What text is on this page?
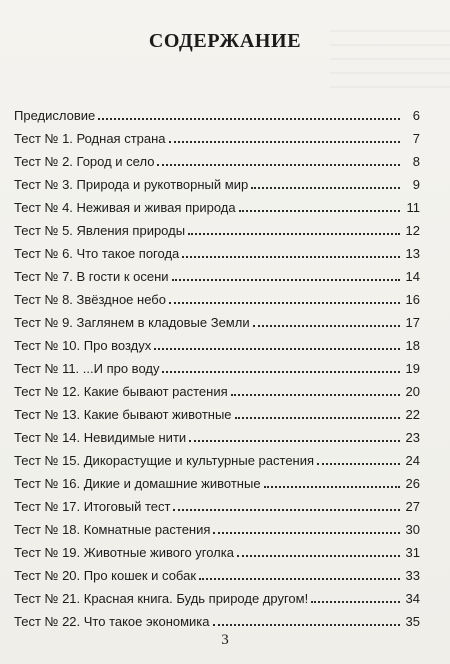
СОДЕРЖАНИЕ
Предисловие	6
Тест № 1. Родная страна	7
Тест № 2. Город и село	8
Тест № 3. Природа и рукотворный мир	9
Тест № 4. Неживая и живая природа	11
Тест № 5. Явления природы	12
Тест № 6. Что такое погода	13
Тест № 7. В гости к осени	14
Тест № 8. Звёздное небо	16
Тест № 9. Заглянем в кладовые Земли	17
Тест № 10. Про воздух	18
Тест № 11. ...И про воду	19
Тест № 12. Какие бывают растения	20
Тест № 13. Какие бывают животные	22
Тест № 14. Невидимые нити	23
Тест № 15. Дикорастущие и культурные растения	24
Тест № 16. Дикие и домашние животные	26
Тест № 17. Итоговый тест	27
Тест № 18. Комнатные растения	30
Тест № 19. Животные живого уголка	31
Тест № 20. Про кошек и собак	33
Тест № 21. Красная книга. Будь природе другом!	34
Тест № 22. Что такое экономика	35
3
